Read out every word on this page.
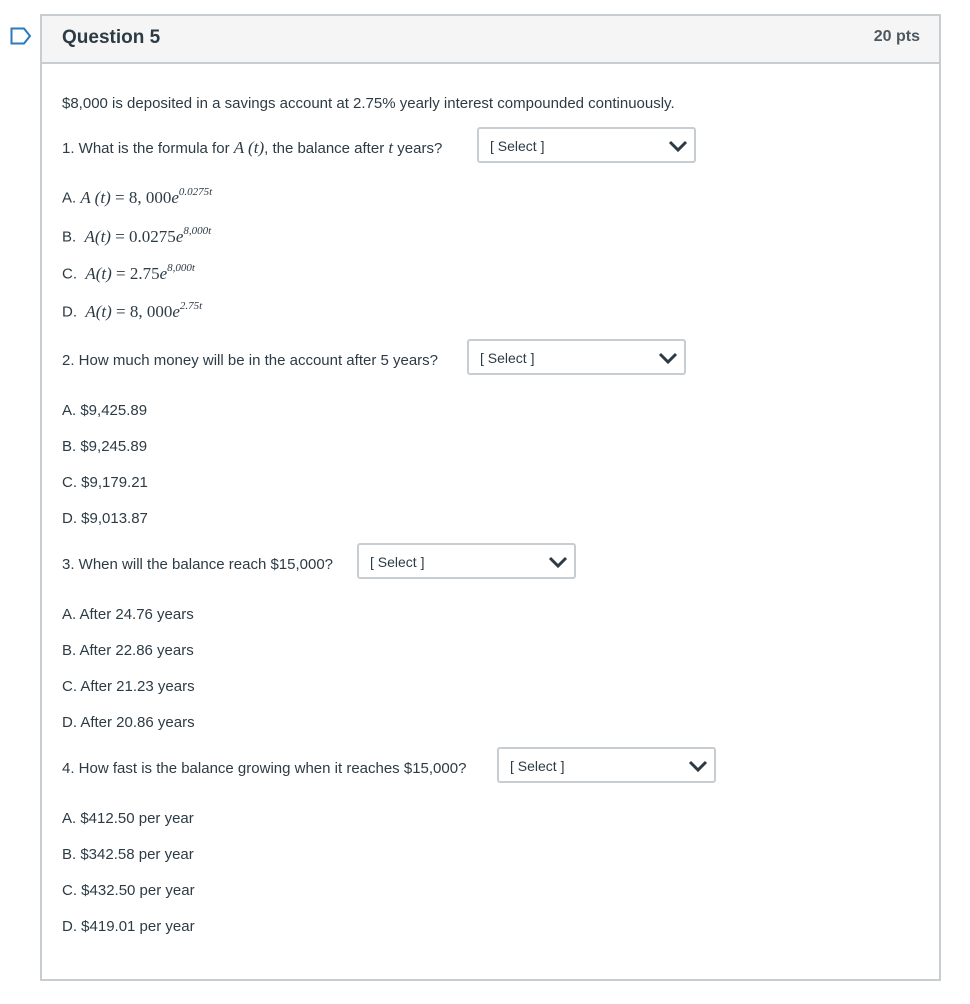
Question 5	20 pts
$8,000 is deposited in a savings account at 2.75% yearly interest compounded continuously.
1. What is the formula for A (t), the balance after t years?	[ Select ]
A. A (t) = 8, $000e^{0.0275t}$
B. $A(t) = 0.0275e^{8,000t}$
C. $A(t) = 2.75e^{8,000t}$
D. A(t) = 8, $000e^{2.75t}$
2. How much money will be in the account after 5 years?	[ Select ]
A. $9,425.89
B. $9,245.89
C. $9,179.21
D. $9,013.87
3. When will the balance reach $15,000?	[ Select ]
A. After 24.76 years
B. After 22.86 years
C. After 21.23 years
D. After 20.86 years
4. How fast is the balance growing when it reaches $15,000?	[ Select ]
A. $412.50 per year
B. $342.58 per year
C. $432.50 per year
D. $419.01 per year
